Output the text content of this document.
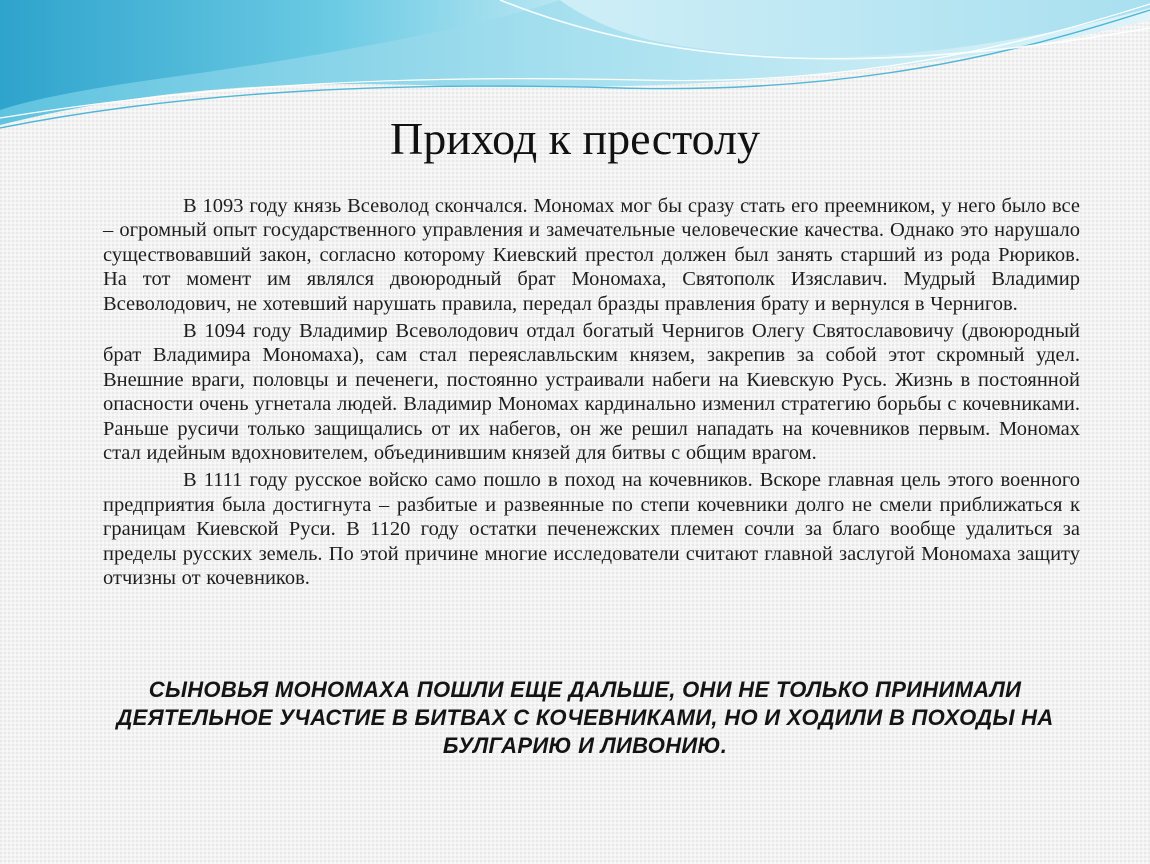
Приход к престолу

В 1093 году князь Всеволод скончался. Мономах мог бы сразу стать его преемником, у него было все – огромный опыт государственного управления и замечательные человеческие качества. Однако это нарушало существовавший закон, согласно которому Киевский престол должен был занять старший из рода Рюриков. На тот момент им являлся двоюродный брат Мономаха, Святополк Изяславич. Мудрый Владимир Всеволодович, не хотевший нарушать правила, передал бразды правления брату и вернулся в Чернигов.

В 1094 году Владимир Всеволодович отдал богатый Чернигов Олегу Святославовичу (двоюродный брат Владимира Мономаха), сам стал переяславльским князем, закрепив за собой этот скромный удел. Внешние враги, половцы и печенеги, постоянно устраивали набеги на Киевскую Русь. Жизнь в постоянной опасности очень угнетала людей. Владимир Мономах кардинально изменил стратегию борьбы с кочевниками. Раньше русичи только защищались от их набегов, он же решил нападать на кочевников первым. Мономах стал идейным вдохновителем, объединившим князей для битвы с общим врагом.

В 1111 году русское войско само пошло в поход на кочевников. Вскоре главная цель этого военного предприятия была достигнута – разбитые и развеянные по степи кочевники долго не смели приближаться к границам Киевской Руси. В 1120 году остатки печенежских племен сочли за благо вообще удалиться за пределы русских земель. По этой причине многие исследователи считают главной заслугой Мономаха защиту отчизны от кочевников.

СЫНОВЬЯ МОНОМАХА ПОШЛИ ЕЩЕ ДАЛЬШЕ, ОНИ НЕ ТОЛЬКО ПРИНИМАЛИ ДЕЯТЕЛЬНОЕ УЧАСТИЕ В БИТВАХ С КОЧЕВНИКАМИ, НО И ХОДИЛИ В ПОХОДЫ НА БУЛГАРИЮ И ЛИВОНИЮ.
